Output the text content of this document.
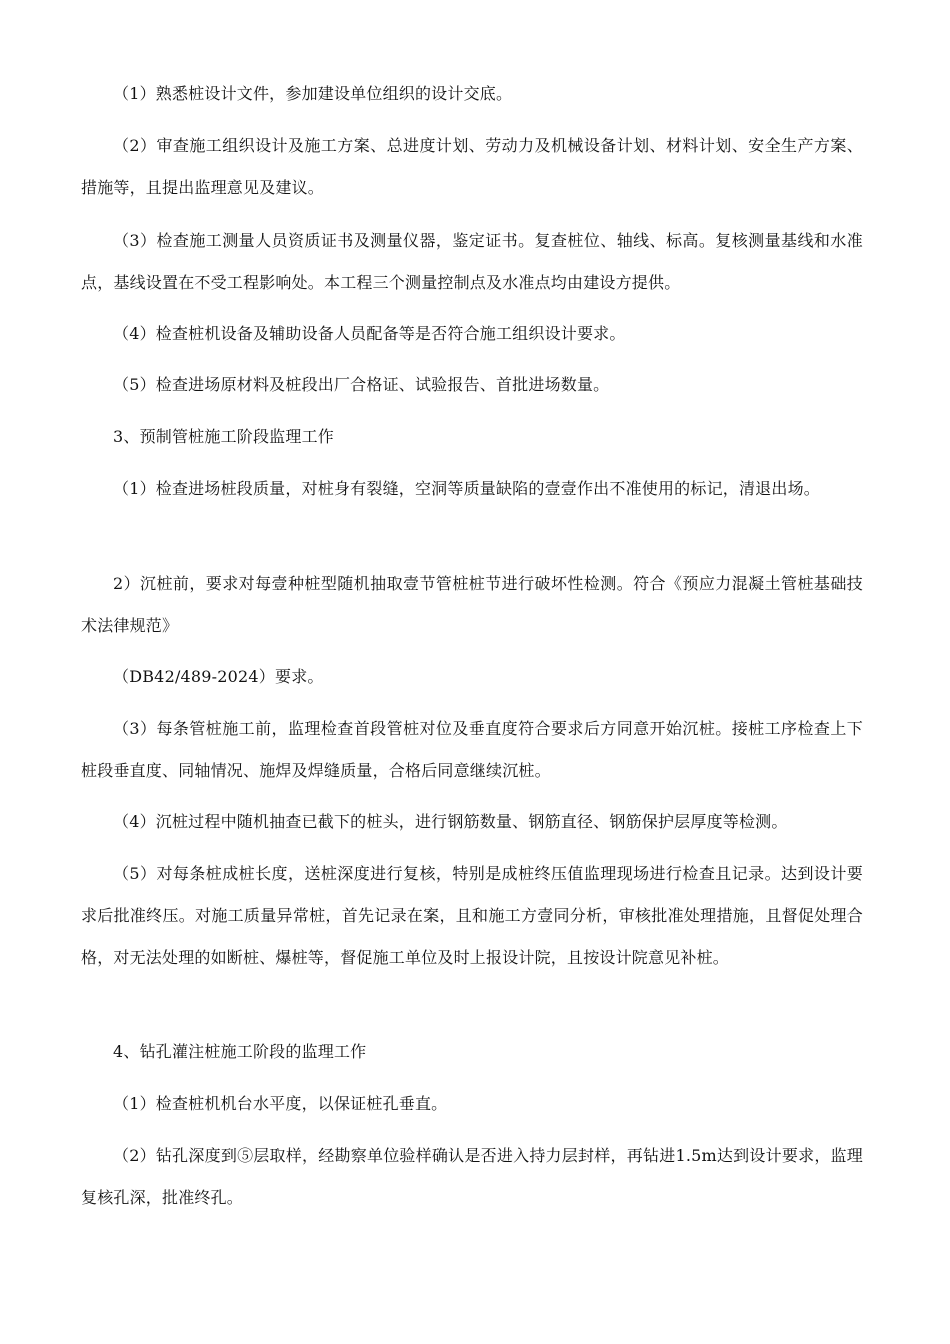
（1）熟悉桩设计文件，参加建设单位组织的设计交底。

（2）审查施工组织设计及施工方案、总进度计划、劳动力及机械设备计划、材料计划、安全生产方案、措施等，且提出监理意见及建议。

（3）检查施工测量人员资质证书及测量仪器，鉴定证书。复查桩位、轴线、标高。复核测量基线和水准点，基线设置在不受工程影响处。本工程三个测量控制点及水准点均由建设方提供。

（4）检查桩机设备及辅助设备人员配备等是否符合施工组织设计要求。

（5）检查进场原材料及桩段出厂合格证、试验报告、首批进场数量。

3、预制管桩施工阶段监理工作

（1）检查进场桩段质量，对桩身有裂缝，空洞等质量缺陷的壹壹作出不准使用的标记，清退出场。

2）沉桩前，要求对每壹种桩型随机抽取壹节管桩桩节进行破坏性检测。符合《预应力混凝土管桩基础技术法律规范》

（DB42/489-2024）要求。

（3）每条管桩施工前，监理检查首段管桩对位及垂直度符合要求后方同意开始沉桩。接桩工序检查上下桩段垂直度、同轴情况、施焊及焊缝质量，合格后同意继续沉桩。

（4）沉桩过程中随机抽查已截下的桩头，进行钢筋数量、钢筋直径、钢筋保护层厚度等检测。

（5）对每条桩成桩长度，送桩深度进行复核，特别是成桩终压值监理现场进行检查且记录。达到设计要求后批准终压。对施工质量异常桩，首先记录在案，且和施工方壹同分析，审核批准处理措施，且督促处理合格，对无法处理的如断桩、爆桩等，督促施工单位及时上报设计院，且按设计院意见补桩。

4、钻孔灌注桩施工阶段的监理工作

（1）检查桩机机台水平度，以保证桩孔垂直。

（2）钻孔深度到⑤层取样，经勘察单位验样确认是否进入持力层封样，再钻进1.5m达到设计要求，监理复核孔深，批准终孔。
